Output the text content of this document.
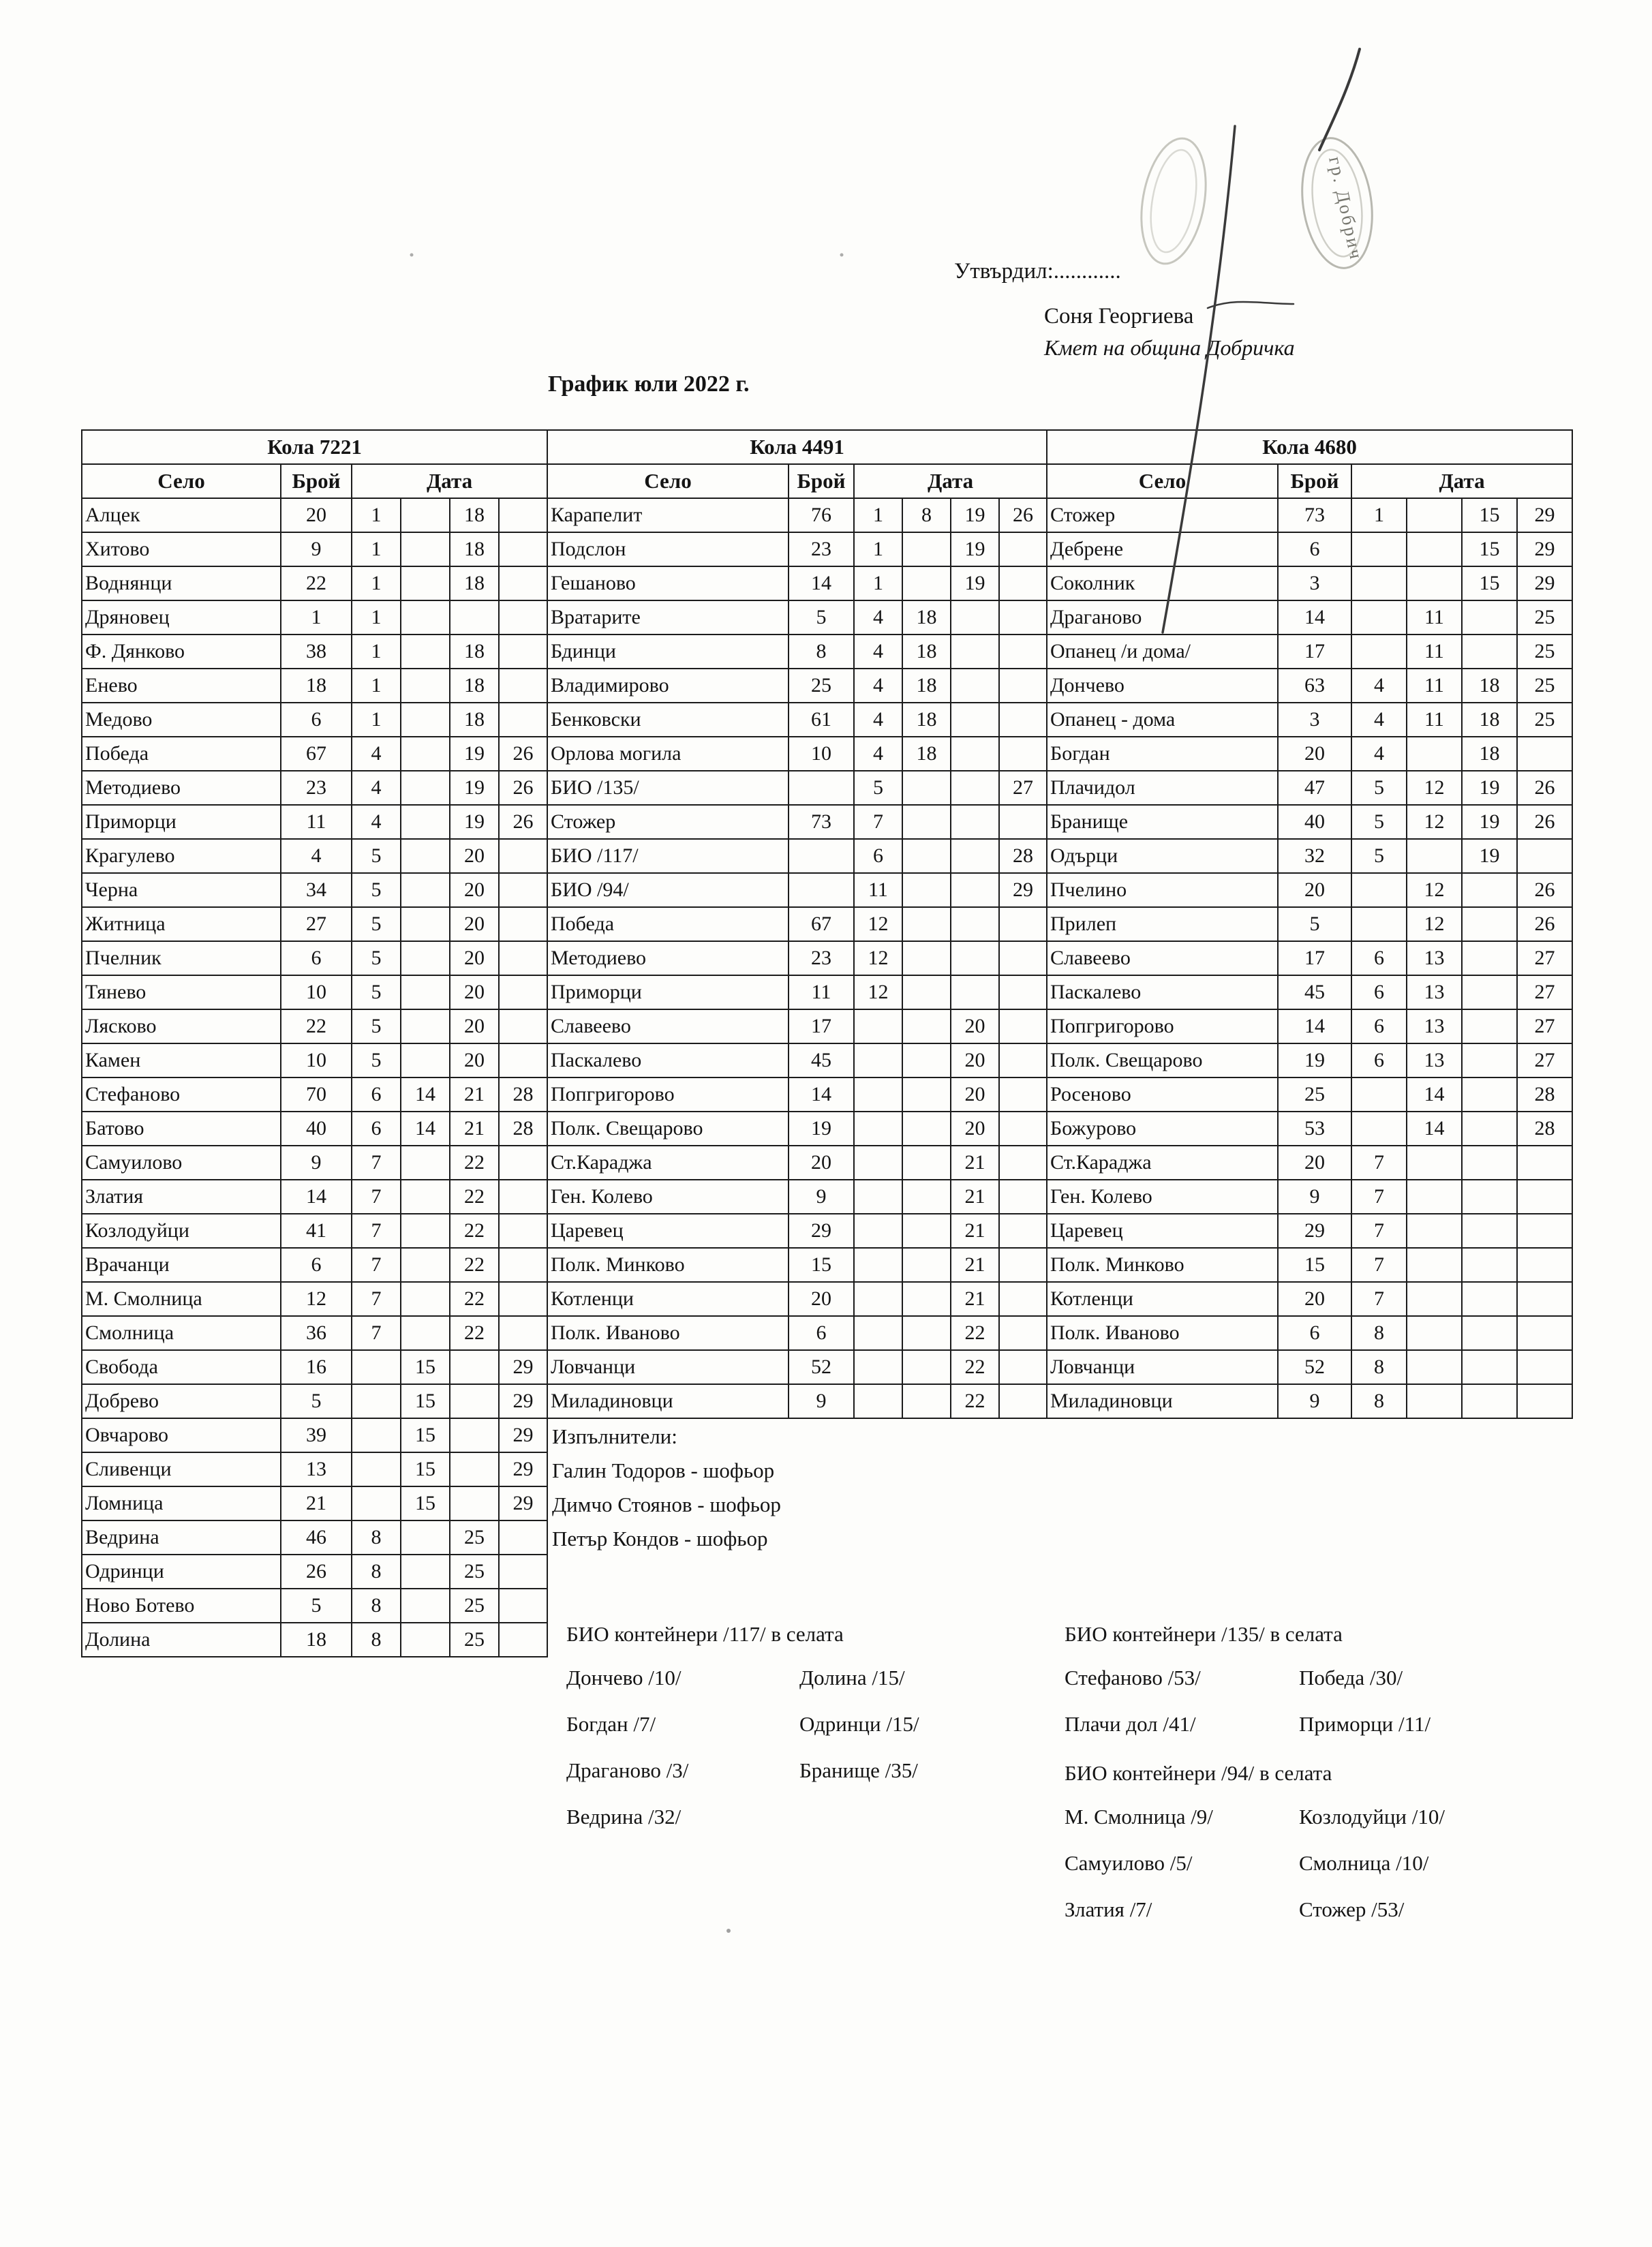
Утвърдил:............
Соня Георгиева
Кмет на община Добричка
График юли 2022 г.
Кола 7221					
Село	Брой	Дата			
Алцек	20	1		18	
Хитово	9	1		18	
Воднянци	22	1		18	
Дряновец	1	1			
Ф. Дянково	38	1		18	
Енево	18	1		18	
Медово	6	1		18	
Победа	67	4		19	26
Методиево	23	4		19	26
Приморци	11	4		19	26
Крагулево	4	5		20	
Черна	34	5		20	
Житница	27	5		20	
Пчелник	6	5		20	
Тянево	10	5		20	
Лясково	22	5		20	
Камен	10	5		20	
Стефаново	70	6	14	21	28
Батово	40	6	14	21	28
Самуилово	9	7		22	
Златия	14	7		22	
Козлодуйци	41	7		22	
Врачанци	6	7		22	
М. Смолница	12	7		22	
Смолница	36	7		22	
Свобода	16		15		29
Добрево	5		15		29
Овчарово	39		15		29
Сливенци	13		15		29
Ломница	21		15		29
Ведрина	46	8		25	
Одринци	26	8		25	
Ново Ботево	5	8		25	
Долина	18	8		25	
Кола 4491					
Село	Брой	Дата			
Карапелит	76	1	8	19	26
Подслон	23	1		19	
Гешаново	14	1		19	
Вратарите	5	4	18		
Бдинци	8	4	18		
Владимирово	25	4	18		
Бенковски	61	4	18		
Орлова могила	10	4	18		
БИО /135/		5			27
Стожер	73	7			
БИО /117/		6			28
БИО /94/		11			29
Победа	67	12			
Методиево	23	12			
Приморци	11	12			
Славеево	17			20	
Паскалево	45			20	
Попгригорово	14			20	
Полк. Свещарово	19			20	
Ст.Караджа	20			21	
Ген. Колево	9			21	
Царевец	29			21	
Полк. Минково	15			21	
Котленци	20			21	
Полк. Иваново	6			22	
Ловчанци	52			22	
Миладиновци	9			22	
Кола 4680					
Село	Брой	Дата			
Стожер	73	1		15	29
Дебрене	6			15	29
Соколник	3			15	29
Драганово	14		11		25
Опанец /и дома/	17		11		25
Дончево	63	4	11	18	25
Опанец - дома	3	4	11	18	25
Богдан	20	4		18	
Плачидол	47	5	12	19	26
Бранище	40	5	12	19	26
Одърци	32	5		19	
Пчелино	20		12		26
Прилеп	5		12		26
Славеево	17	6	13		27
Паскалево	45	6	13		27
Попгригорово	14	6	13		27
Полк. Свещарово	19	6	13		27
Росеново	25		14		28
Божурово	53		14		28
Ст.Караджа	20	7			
Ген. Колево	9	7			
Царевец	29	7			
Полк. Минково	15	7			
Котленци	20	7			
Полк. Иваново	6	8			
Ловчанци	52	8			
Миладиновци	9	8			
Изпълнители:
Галин Тодоров - шофьор
Димчо Стоянов - шофьор
Петър Кондов - шофьор
БИО контейнери /117/ в селата
Дончево /10/	Долина /15/
Богдан /7/	Одринци /15/
Драганово /3/	Бранище /35/
Ведрина /32/
БИО контейнери /135/ в селата
Стефаново /53/	Победа /30/
Плачи дол /41/	Приморци /11/
БИО контейнери /94/ в селата
М. Смолница /9/	Козлодуйци /10/
Самуилово /5/	Смолница /10/
Златия /7/	Стожер /53/
гр. Добрич
